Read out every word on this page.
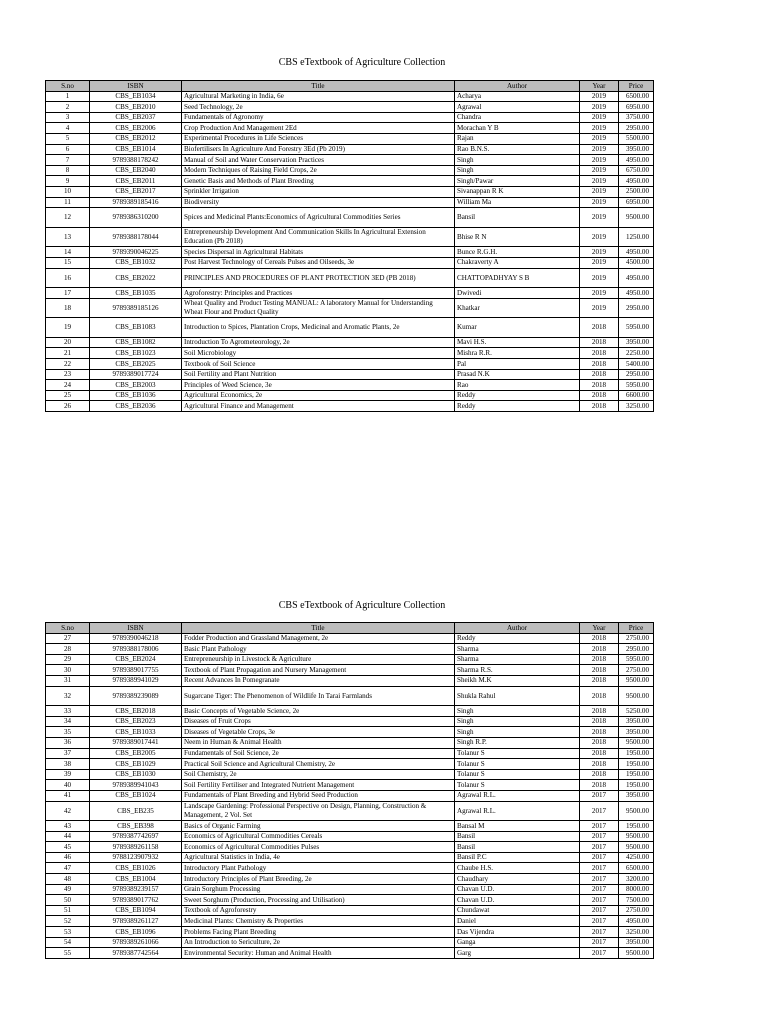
CBS eTextbook of Agriculture Collection
S.no	ISBN	Title	Author	Year	Price
1	CBS_EB1034	Agricultural Marketing in India, 6e	Acharya	2019	6500.00
2	CBS_EB2010	Seed Technology, 2e	Agrawal	2019	6950.00
3	CBS_EB2037	Fundamentals of Agronomy	Chandra	2019	3750.00
4	CBS_EB2006	Crop Production And Management 2Ed	Morachan Y B	2019	2950.00
5	CBS_EB2012	Experimental Procedures in Life Sciences	Rajan	2019	5500.00
6	CBS_EB1014	Biofertilisers In Agriculture And Forestry 3Ed (Pb 2019)	Rao B.N.S.	2019	3950.00
7	9789388178242	Manual of Soil and Water Conservation Practices	Singh	2019	4950.00
8	CBS_EB2040	Modern Techniques of Raising Field Crops, 2e	Singh	2019	6750.00
9	CBS_EB2011	Genetic Basis and Methods of Plant Breeding	Singh/Pawar	2019	4950.00
10	CBS_EB2017	Sprinkler Irrigation	Sivanappan R K	2019	2500.00
11	9789389185416	Biodiversity	William Ma	2019	6950.00
12	9789386310200	Spices and Medicinal Plants:Economics of Agricultural Commodities Series	Bansil	2019	9500.00
13	9789388178044	Entrepreneurship Development And Communication Skills In Agricultural Extension Education (Pb 2018)	Bhise R N	2019	1250.00
14	9789390046225	Species Dispersal in Agricultural Habitats	Bunce R.G.H.	2019	4950.00
15	CBS_EB1032	Post Harvest Technology of Cereals Pulses and Oilseeds, 3e	Chakraverty A	2019	4500.00
16	CBS_EB2022	PRINCIPLES AND PROCEDURES OF PLANT PROTECTION 3ED (PB 2018)	CHATTOPADHYAY S B	2019	4950.00
17	CBS_EB1035	Agroforestry: Principles and Practices	Dwivedi	2019	4950.00
18	9789389185126	Wheat Quality and Product Testing MANUAL: A laboratory Manual for Understanding Wheat Flour and Product Quality	Khatkar	2019	2950.00
19	CBS_EB1083	Introduction to Spices, Plantation Crops, Medicinal and Aromatic Plants, 2e	Kumar	2018	5950.00
20	CBS_EB1082	Introduction To Agrometeorology, 2e	Mavi H.S.	2018	3950.00
21	CBS_EB1023	Soil Microbiology	Mishra R.R.	2018	2250.00
22	CBS_EB2025	Textbook of Soil Science	Pal	2018	5400.00
23	9789389017724	Soil Fertility and Plant Nutrition	Prasad N.K	2018	2950.00
24	CBS_EB2003	Principles of Weed Science, 3e	Rao	2018	5950.00
25	CBS_EB1036	Agricultural Economics, 2e	Reddy	2018	6600.00
26	CBS_EB2036	Agricultural Finance and Management	Reddy	2018	3250.00
CBS eTextbook of Agriculture Collection
S.no	ISBN	Title	Author	Year	Price
27	9789390046218	Fodder Production and Grassland Management, 2e	Reddy	2018	2750.00
28	9789388178006	Basic Plant Pathology	Sharma	2018	2950.00
29	CBS_EB2024	Entrepreneurship in Livestock & Agriculture	Sharma	2018	5950.00
30	9789389017755	Textbook of Plant Propagation and Nursery Management	Sharma R.S.	2018	2750.00
31	9789389941029	Recent Advances In Pomegranate	Sheikh M.K	2018	9500.00
32	9789389239089	Sugarcane Tiger: The Phenomenon of Wildlife In Tarai Farmlands	Shukla Rahul	2018	9500.00
33	CBS_EB2018	Basic Concepts of Vegetable Science, 2e	Singh	2018	5250.00
34	CBS_EB2023	Diseases of Fruit Crops	Singh	2018	3950.00
35	CBS_EB1033	Diseases of Vegetable Crops, 3e	Singh	2018	3950.00
36	9789389017441	Neem in Human & Animal Health	Singh R.P.	2018	9500.00
37	CBS_EB2005	Fundamentals of Soil Science, 2e	Tolanur S	2018	1950.00
38	CBS_EB1029	Practical Soil Science and Agricultural Chemistry, 2e	Tolanur S	2018	1950.00
39	CBS_EB1030	Soil Chemistry, 2e	Tolanur S	2018	1950.00
40	9789389941043	Soil Fertility Fertiliser and Integrated Nutrient Management	Tolanur S	2018	1950.00
41	CBS_EB1024	Fundamentals of Plant Breeding and Hybrid Seed Production	Agrawal R.L.	2017	3950.00
42	CBS_EB235	Landscape Gardening: Professional Perspective on Design, Planning, Construction & Management, 2 Vol. Set	Agrawal R.L.	2017	9500.00
43	CBS_EB398	Basics of Organic Farming	Bansal M	2017	1950.00
44	9789387742697	Economics of Agricultural Commodities Cereals	Bansil	2017	9500.00
45	9789389261158	Economics of Agricultural Commodities Pulses	Bansil	2017	9500.00
46	9788123907932	Agricultural Statistics in India, 4e	Bansil P.C	2017	4250.00
47	CBS_EB1026	Introductory Plant Pathology	Chaube H.S.	2017	6500.00
48	CBS_EB1004	Introductory Principles of Plant Breeding, 2e	Chaudhary	2017	3200.00
49	9789389239157	Grain Sorghum Processing	Chavan U.D.	2017	8000.00
50	9789389017762	Sweet Sorghum (Production, Processing and Utilisation)	Chavan U.D.	2017	7500.00
51	CBS_EB1094	Textbook of Agroforestry	Chundawat	2017	2750.00
52	9789389261127	Medicinal Plants: Chemistry & Properties	Daniel	2017	4950.00
53	CBS_EB1096	Problems Facing Plant Breeding	Das Vijendra	2017	3250.00
54	9789389261066	An Introduction to Sericulture, 2e	Ganga	2017	3950.00
55	9789387742564	Environmental Security: Human and Animal Health	Garg	2017	9500.00
